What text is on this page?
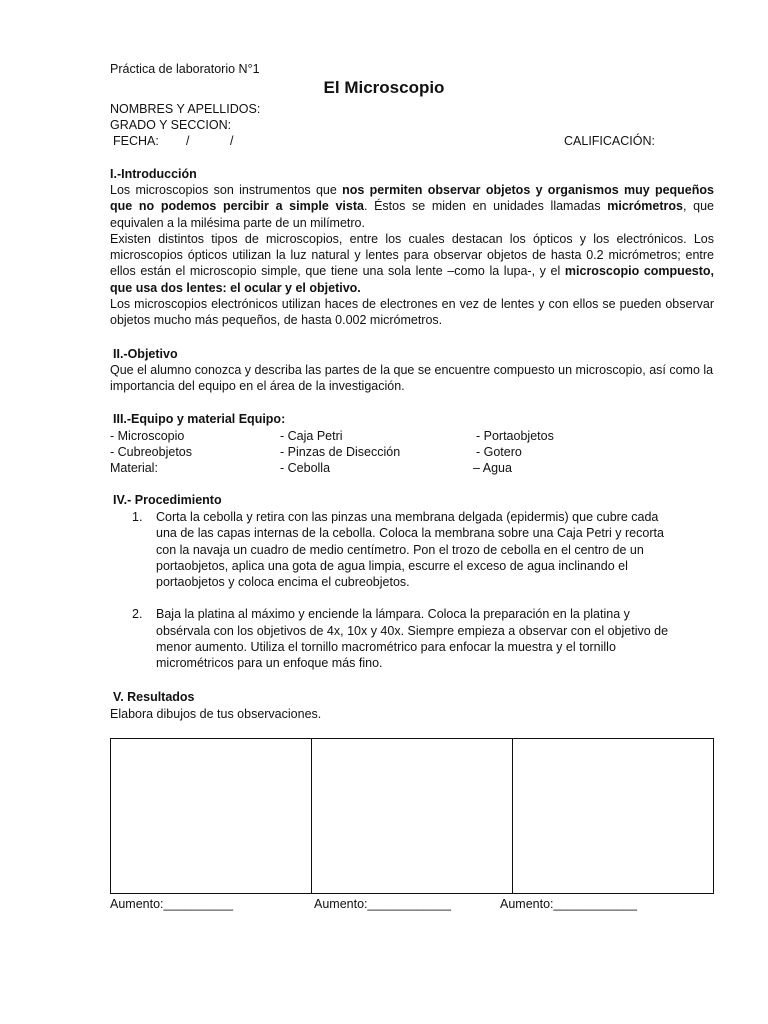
Práctica de laboratorio N°1
El Microscopio
NOMBRES Y APELLIDOS:
GRADO Y SECCION:
FECHA: /	/	CALIFICACIÓN:
I.-Introducción

Los microscopios son instrumentos que nos permiten observar objetos y organismos muy pequeños que no podemos percibir a simple vista. Éstos se miden en unidades llamadas micrómetros, que equivalen a la milésima parte de un milímetro.

Existen distintos tipos de microscopios, entre los cuales destacan los ópticos y los electrónicos. Los microscopios ópticos utilizan la luz natural y lentes para observar objetos de hasta 0.2 micrómetros; entre ellos están el microscopio simple, que tiene una sola lente –como la lupa-, y el microscopio compuesto, que usa dos lentes: el ocular y el objetivo.

Los microscopios electrónicos utilizan haces de electrones en vez de lentes y con ellos se pueden observar objetos mucho más pequeños, de hasta 0.002 micrómetros.

II.-Objetivo

Que el alumno conozca y describa las partes de la que se encuentre compuesto un microscopio, así como la importancia del equipo en el área de la investigación.

III.-Equipo y material Equipo:
- Microscopio	- Caja Petri	- Portaobjetos
- Cubreobjetos	- Pinzas de Disección	- Gotero
Material:	- Cebolla	– Agua
IV.- Procedimiento
1. Corta la cebolla y retira con las pinzas una membrana delgada (epidermis) que cubre cada una de las capas internas de la cebolla. Coloca la membrana sobre una Caja Petri y recorta con la navaja un cuadro de medio centímetro. Pon el trozo de cebolla en el centro de un portaobjetos, aplica una gota de agua limpia, escurre el exceso de agua inclinando el portaobjetos y coloca encima el cubreobjetos.

2. Baja la platina al máximo y enciende la lámpara. Coloca la preparación en la platina y obsérvala con los objetivos de 4x, 10x y 40x. Siempre empieza a observar con el objetivo de menor aumento. Utiliza el tornillo macrométrico para enfocar la muestra y el tornillo micrométricos para un enfoque más fino.

V. Resultados
Elabora dibujos de tus observaciones.
Aumento:__________	Aumento:____________	Aumento:____________
